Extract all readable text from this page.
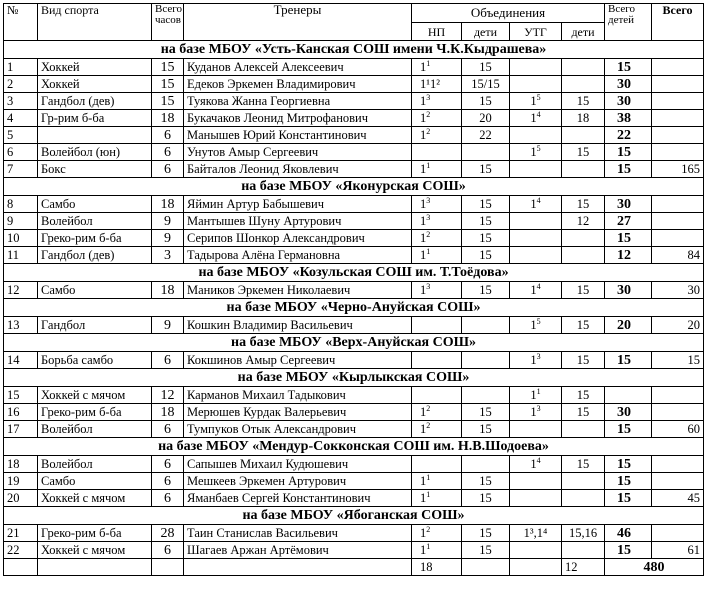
№	Вид спорта	Всего часов	Тренеры	Объединения				Всего детей	Всего
				НП	дети	УТГ	дети		
на базе МБОУ «Усть-Канская СОШ имени Ч.К.Кыдрашева»									
1	Хоккей	15	Куданов Алексей Алексеевич	$1^1$	15			15	
2	Хоккей	15	Едеков Эркемен Владимирович	1¹1²	15/15			30	
3	Гандбол (дев)	15	Туякова Жанна Георгиевна	$1^3$	15	$1^5$	15	30	
4	Гр-рим б-ба	18	Букачаков Леонид Митрофанович	$1^2$	20	$1^4$	18	38	
5		6	Манышев Юрий Константинович	$1^2$	22			22	
6	Волейбол (юн)	6	Унутов Амыр Сергеевич			$1^5$	15	15	
7	Бокс	6	Байталов Леонид Яковлевич	$1^1$	15			15	165
на базе МБОУ «Яконурская СОШ»									
8	Самбо	18	Яймин Артур Бабышевич	$1^3$	15	$1^4$	15	30	
9	Волейбол	9	Мантышев Шуну Артурович	$1^3$	15		12	27	
10	Греко-рим б-ба	9	Серипов Шонкор Александрович	$1^2$	15			15	
11	Гандбол (дев)	3	Тадырова Алёна Германовна	$1^1$	15			12	84
на базе МБОУ «Козульская СОШ им. Т.Тоёдова»									
12	Самбо	18	Маников Эркемен Николаевич	$1^3$	15	$1^4$	15	30	30
на базе МБОУ «Черно-Ануйская СОШ»									
13	Гандбол	9	Кошкин Владимир Васильевич			$1^5$	15	20	20
на базе МБОУ «Верх-Ануйская СОШ»									
14	Борьба самбо	6	Кокшинов Амыр Сергеевич			$1^3$	15	15	15
на базе МБОУ «Кырлыкская СОШ»									
15	Хоккей с мячом	12	Карманов Михаил Тадыкович			$1^1$	15		
16	Греко-рим б-ба	18	Мерюшев Курдак Валерьевич	$1^2$	15	$1^3$	15	30	
17	Волейбол	6	Тумпуков Отык Александрович	$1^2$	15			15	60
на базе МБОУ «Мендур-Сокконская СОШ им. Н.В.Шодоева»									
18	Волейбол	6	Сапышев Михаил Кудюшевич			$1^4$	15	15	
19	Самбо	6	Мешкеев Эркемен Артурович	$1^1$	15			15	
20	Хоккей с мячом	6	Яманбаев Сергей Константинович	$1^1$	15			15	45
на базе МБОУ «Ябоганская СОШ»									
21	Греко-рим б-ба	28	Таин Станислав Васильевич	$1^2$	15	1³,1⁴	15,16	46	
22	Хоккей с мячом	6	Шагаев Аржан Артёмович	$1^1$	15			15	61
				18			12	480	
